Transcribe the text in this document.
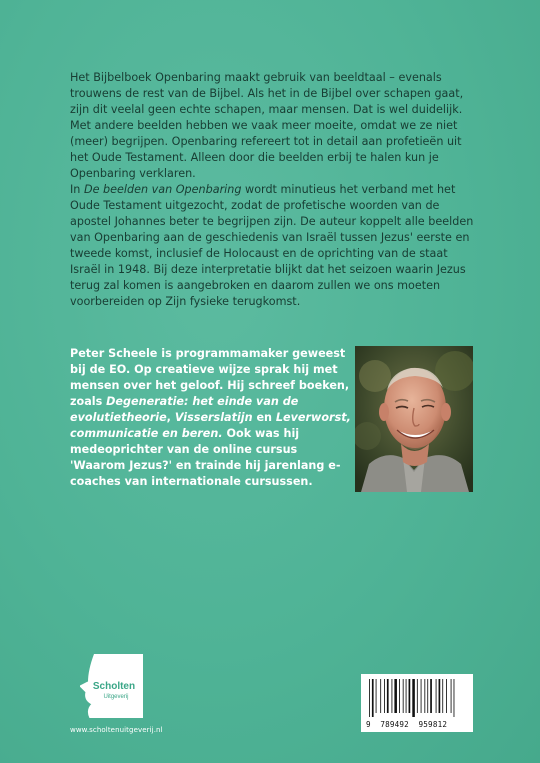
Het Bijbelboek Openbaring maakt gebruik van beeldtaal – evenals trouwens de rest van de Bijbel. Als het in de Bijbel over schapen gaat, zijn dit veelal geen echte schapen, maar mensen. Dat is wel duidelijk. Met andere beelden hebben we vaak meer moeite, omdat we ze niet (meer) begrijpen. Openbaring refereert tot in detail aan profetieën uit het Oude Testament. Alleen door die beelden erbij te halen kun je Openbaring verklaren.

In De beelden van Openbaring wordt minutieus het verband met het Oude Testament uitgezocht, zodat de profetische woorden van de apostel Johannes beter te begrijpen zijn. De auteur koppelt alle beelden van Openbaring aan de geschiedenis van Israël tussen Jezus' eerste en tweede komst, inclusief de Holocaust en de oprichting van de staat Israël in 1948. Bij deze interpretatie blijkt dat het seizoen waarin Jezus terug zal komen is aangebroken en daarom zullen we ons moeten voorbereiden op Zijn fysieke terugkomst.

Peter Scheele is programmamaker geweest bij de EO. Op creatieve wijze sprak hij met mensen over het geloof. Hij schreef boeken, zoals Degeneratie: het einde van de evolutietheorie, Visserslatijn en Leverworst, communicatie en beren. Ook was hij medeoprichter van de online cursus 'Waarom Jezus?' en trainde hij jarenlang e-coaches van internationale cursussen.
Scholten
Uitgeverij
www.scholtenuitgeverij.nl
9 789492 959812
